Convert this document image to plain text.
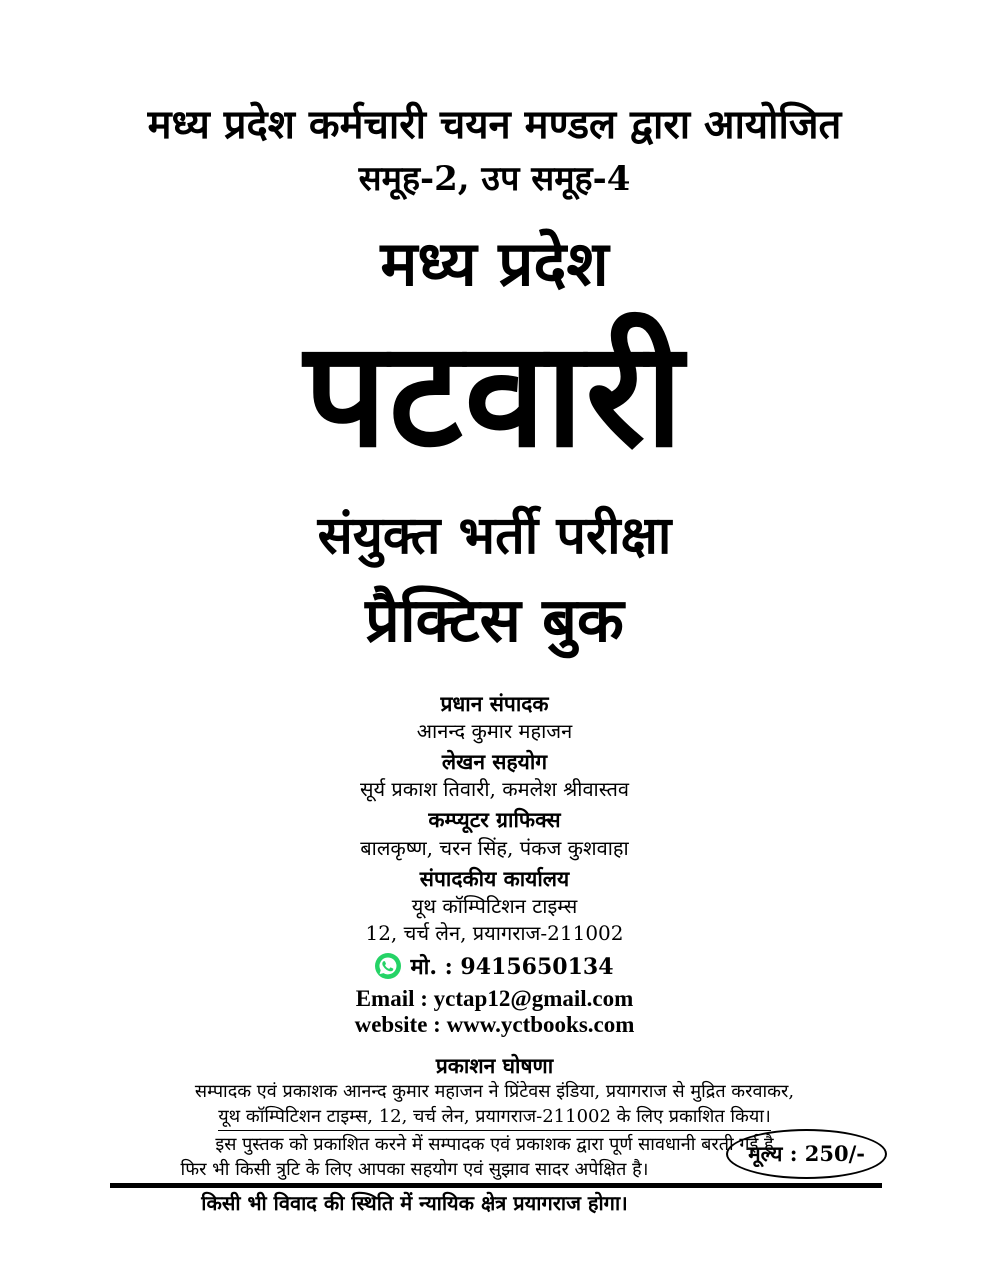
मध्य प्रदेश कर्मचारी चयन मण्डल द्वारा आयोजित
समूह-2, उप समूह-4
मध्य प्रदेश
पटवारी
संयुक्त भर्ती परीक्षा
प्रैक्टिस बुक
प्रधान संपादक
आनन्द कुमार महाजन
लेखन सहयोग
सूर्य प्रकाश तिवारी, कमलेश श्रीवास्तव
कम्प्यूटर ग्राफिक्स
बालकृष्ण, चरन सिंह, पंकज कुशवाहा
संपादकीय कार्यालय
यूथ कॉम्पिटिशन टाइम्स
12, चर्च लेन, प्रयागराज-211002
मो. : 9415650134
Email : yctap12@gmail.com
website : www.yctbooks.com
प्रकाशन घोषणा
सम्पादक एवं प्रकाशक आनन्द कुमार महाजन ने प्रिंटेवस इंडिया, प्रयागराज से मुद्रित करवाकर,
यूथ कॉम्पिटिशन टाइम्स, 12, चर्च लेन, प्रयागराज-211002 के लिए प्रकाशित किया।
इस पुस्तक को प्रकाशित करने में सम्पादक एवं प्रकाशक द्वारा पूर्ण सावधानी बरती गई है
फिर भी किसी त्रुटि के लिए आपका सहयोग एवं सुझाव सादर अपेक्षित है।
किसी भी विवाद की स्थिति में न्यायिक क्षेत्र प्रयागराज होगा।
मूल्य : 250/-
